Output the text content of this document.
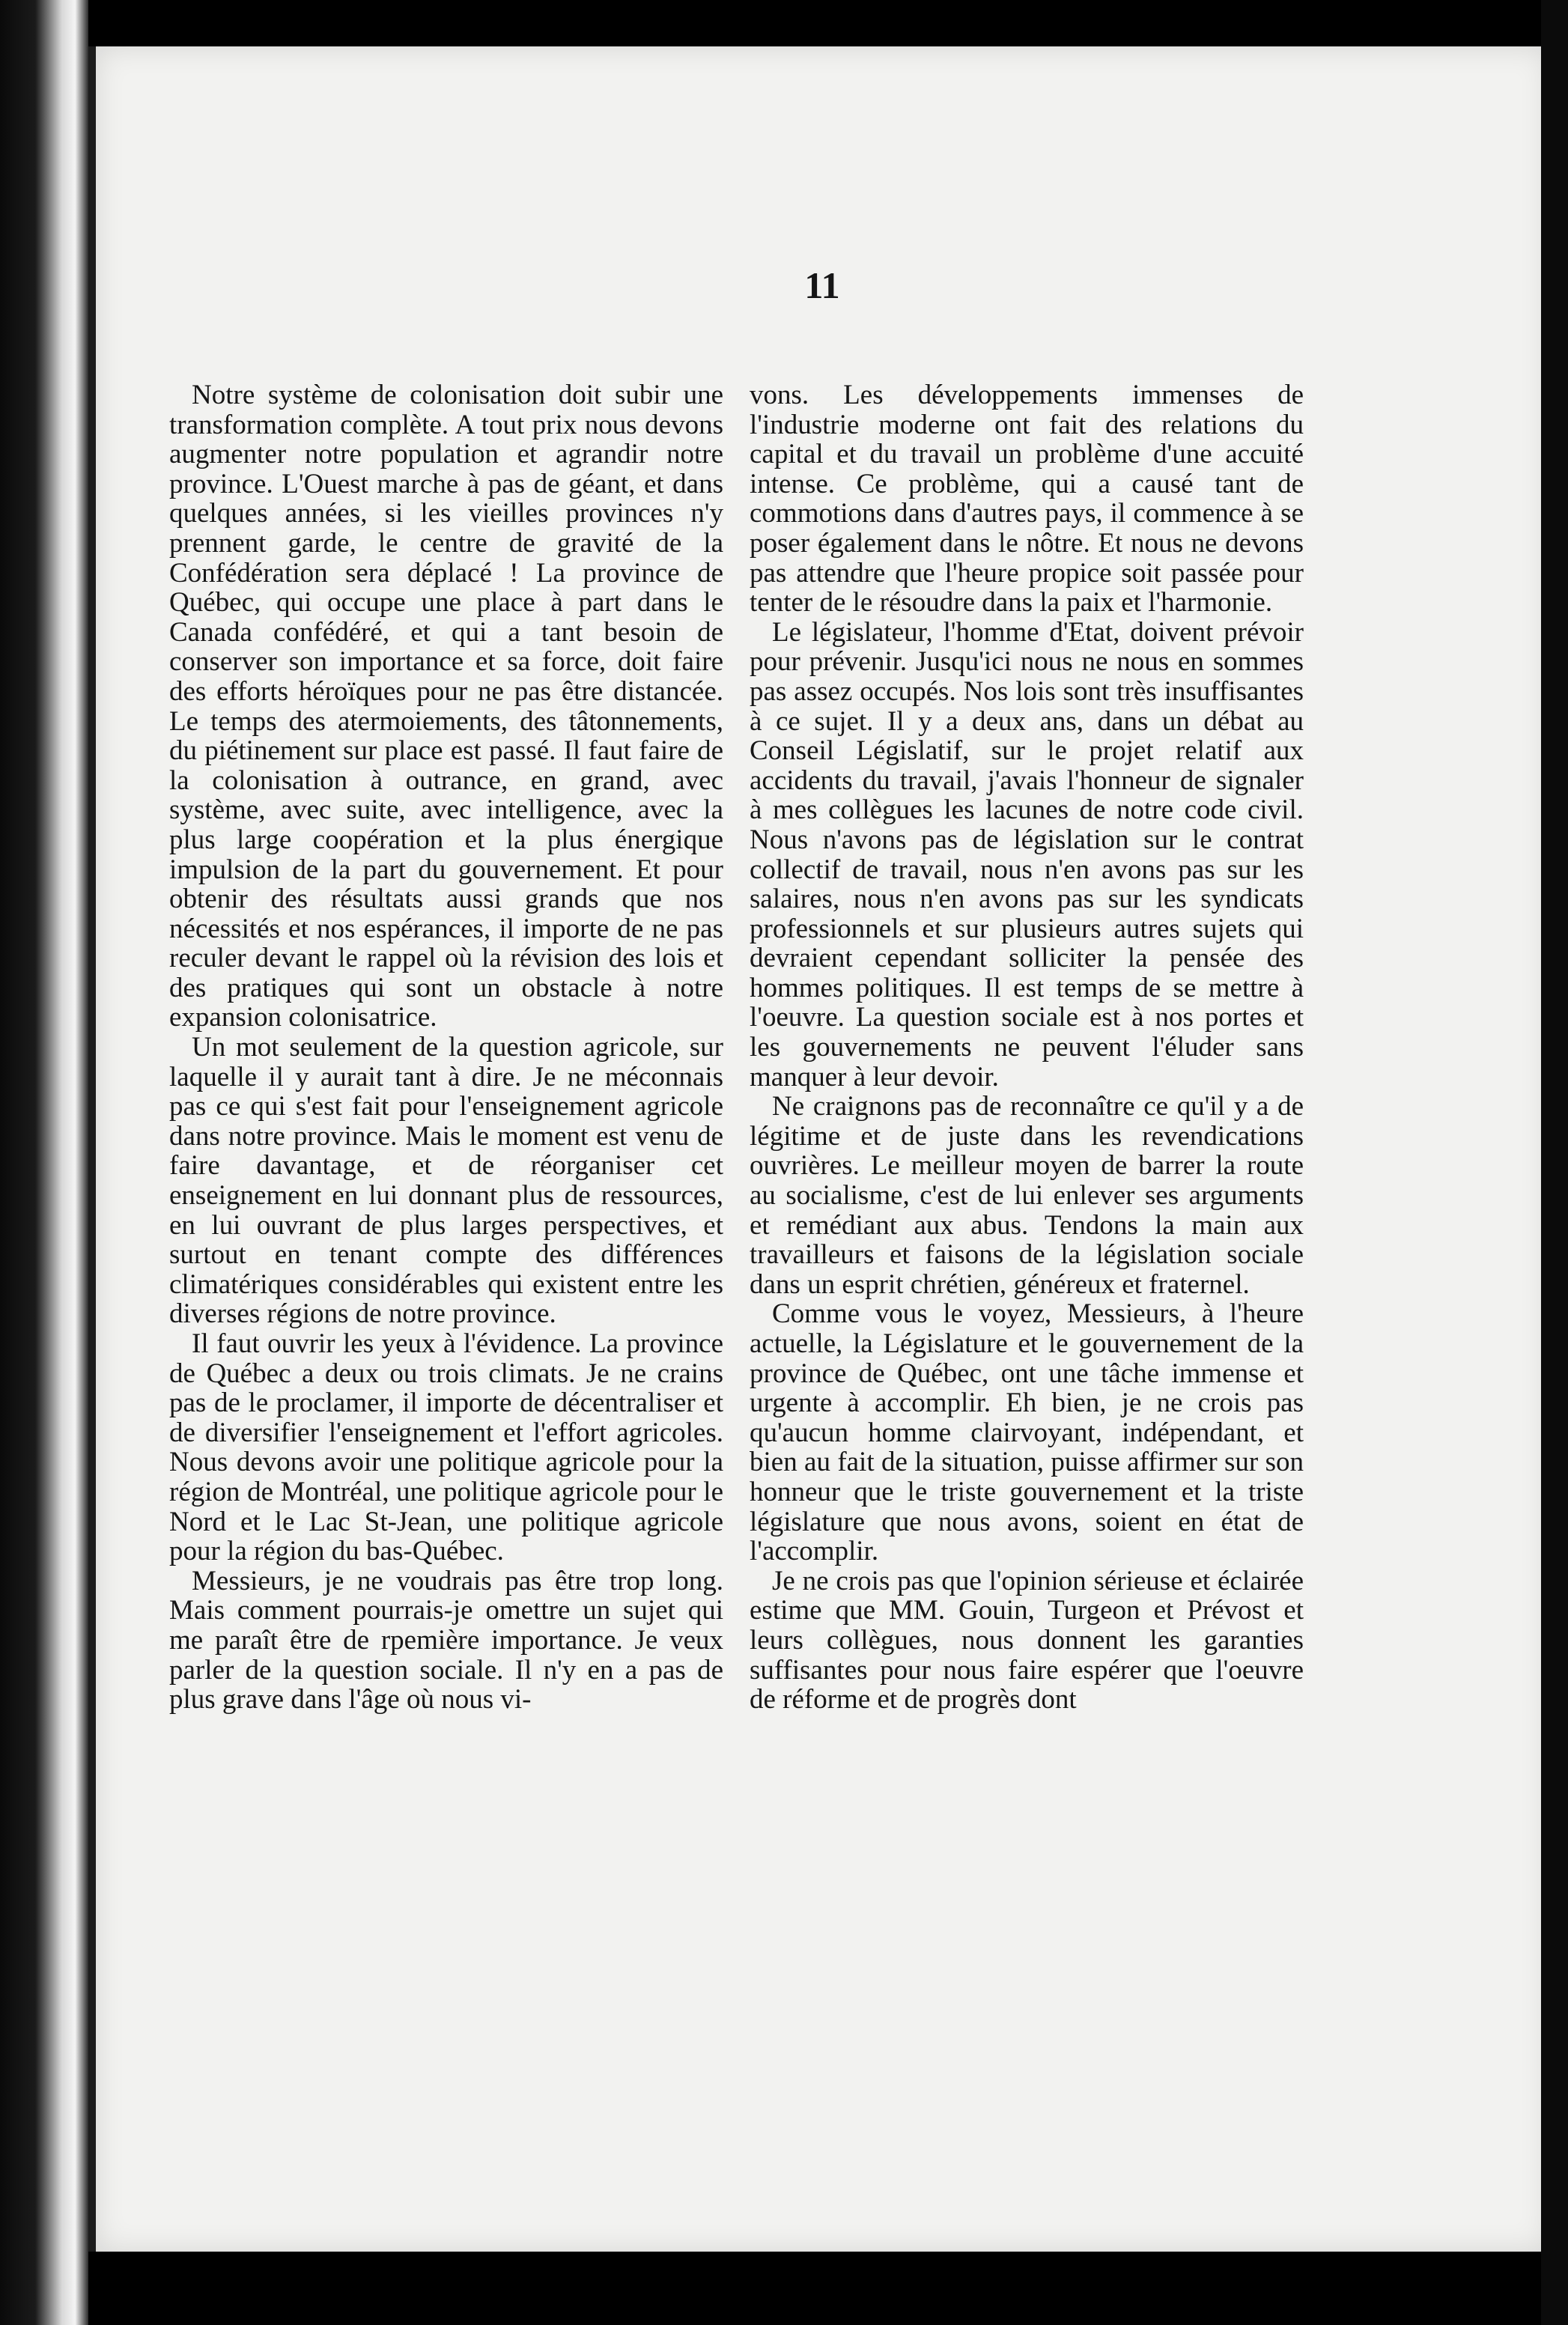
11

Notre système de colonisation doit subir une transformation complète. A tout prix nous devons augmenter notre population et agrandir notre province. L'Ouest marche à pas de géant, et dans quelques années, si les vieilles provinces n'y prennent garde, le centre de gravité de la Confédération sera déplacé ! La province de Québec, qui occupe une place à part dans le Canada confédéré, et qui a tant besoin de conserver son importance et sa force, doit faire des efforts héroïques pour ne pas être distancée. Le temps des atermoiements, des tâtonnements, du piétinement sur place est passé. Il faut faire de la colonisation à outrance, en grand, avec système, avec suite, avec intelligence, avec la plus large coopération et la plus énergique impulsion de la part du gouvernement. Et pour obtenir des résultats aussi grands que nos nécessités et nos espérances, il importe de ne pas reculer devant le rappel où la révision des lois et des pratiques qui sont un obstacle à notre expansion colonisatrice.

Un mot seulement de la question agricole, sur laquelle il y aurait tant à dire. Je ne méconnais pas ce qui s'est fait pour l'enseignement agricole dans notre province. Mais le moment est venu de faire davantage, et de réorganiser cet enseignement en lui donnant plus de ressources, en lui ouvrant de plus larges perspectives, et surtout en tenant compte des différences climatériques considérables qui existent entre les diverses régions de notre province.

Il faut ouvrir les yeux à l'évidence. La province de Québec a deux ou trois climats. Je ne crains pas de le proclamer, il importe de décentraliser et de diversifier l'enseignement et l'effort agricoles. Nous devons avoir une politique agricole pour la région de Montréal, une politique agricole pour le Nord et le Lac St-Jean, une politique agricole pour la région du bas-Québec.

Messieurs, je ne voudrais pas être trop long. Mais comment pourrais-je omettre un sujet qui me paraît être de rpemière importance. Je veux parler de la question sociale. Il n'y en a pas de plus grave dans l'âge où nous vi-

vons. Les développements immenses de l'industrie moderne ont fait des relations du capital et du travail un problème d'une accuité intense. Ce problème, qui a causé tant de commotions dans d'autres pays, il commence à se poser également dans le nôtre. Et nous ne devons pas attendre que l'heure propice soit passée pour tenter de le résoudre dans la paix et l'harmonie.

Le législateur, l'homme d'Etat, doivent prévoir pour prévenir. Jusqu'ici nous ne nous en sommes pas assez occupés. Nos lois sont très insuffisantes à ce sujet. Il y a deux ans, dans un débat au Conseil Législatif, sur le projet relatif aux accidents du travail, j'avais l'honneur de signaler à mes collègues les lacunes de notre code civil. Nous n'avons pas de législation sur le contrat collectif de travail, nous n'en avons pas sur les salaires, nous n'en avons pas sur les syndicats professionnels et sur plusieurs autres sujets qui devraient cependant solliciter la pensée des hommes politiques. Il est temps de se mettre à l'oeuvre. La question sociale est à nos portes et les gouvernements ne peuvent l'éluder sans manquer à leur devoir.

Ne craignons pas de reconnaître ce qu'il y a de légitime et de juste dans les revendications ouvrières. Le meilleur moyen de barrer la route au socialisme, c'est de lui enlever ses arguments et remédiant aux abus. Tendons la main aux travailleurs et faisons de la législation sociale dans un esprit chrétien, généreux et fraternel.

Comme vous le voyez, Messieurs, à l'heure actuelle, la Législature et le gouvernement de la province de Québec, ont une tâche immense et urgente à accomplir. Eh bien, je ne crois pas qu'aucun homme clairvoyant, indépendant, et bien au fait de la situation, puisse affirmer sur son honneur que le triste gouvernement et la triste législature que nous avons, soient en état de l'accomplir.

Je ne crois pas que l'opinion sérieuse et éclairée estime que MM. Gouin, Turgeon et Prévost et leurs collègues, nous donnent les garanties suffisantes pour nous faire espérer que l'oeuvre de réforme et de progrès dont
